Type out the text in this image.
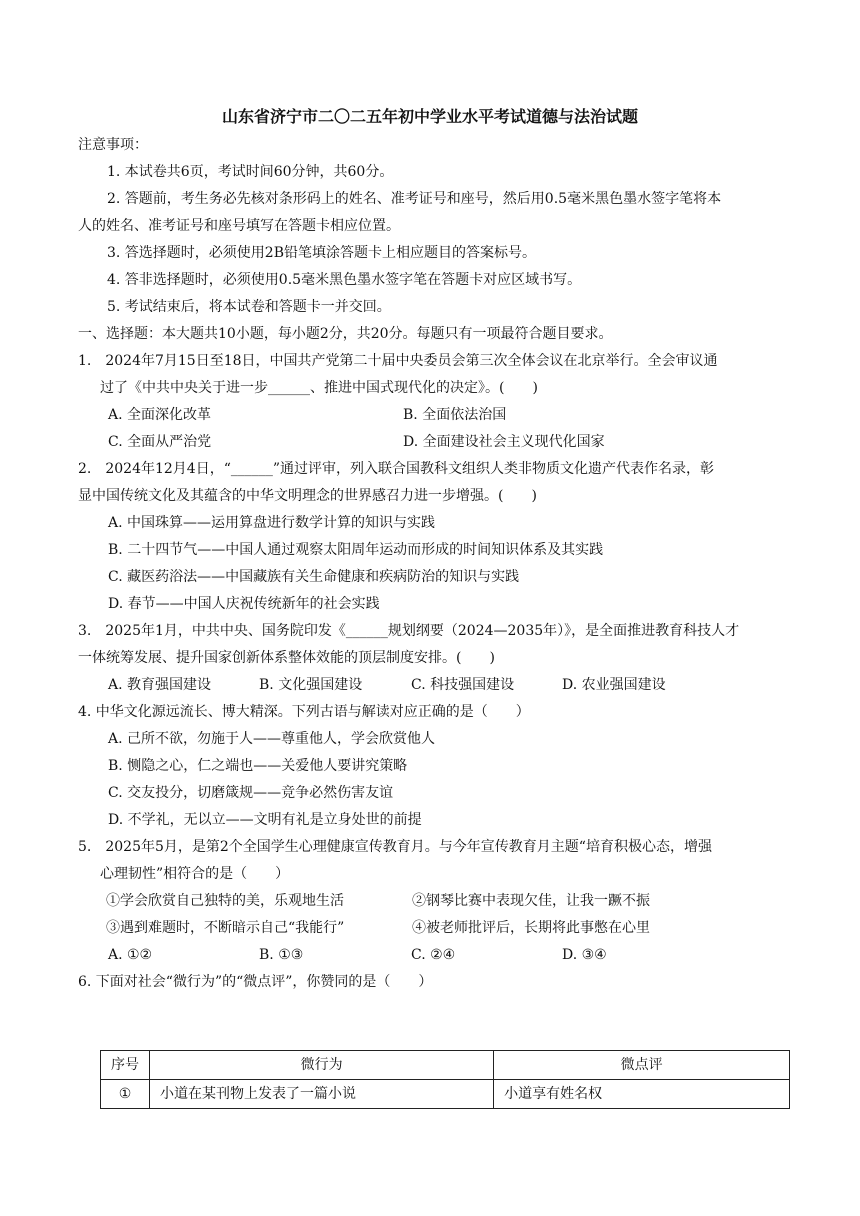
山东省济宁市二〇二五年初中学业水平考试道德与法治试题
注意事项：
1. 本试卷共6页，考试时间60分钟，共60分。
2. 答题前，考生务必先核对条形码上的姓名、准考证号和座号，然后用0.5毫米黑色墨水签字笔将本
人的姓名、准考证号和座号填写在答题卡相应位置。
3. 答选择题时，必须使用2B铅笔填涂答题卡上相应题目的答案标号。
4. 答非选择题时，必须使用0.5毫米黑色墨水签字笔在答题卡对应区域书写。
5. 考试结束后，将本试卷和答题卡一并交回。
一、选择题：本大题共10小题，每小题2分，共20分。每题只有一项最符合题目要求。
1.　2024年7月15日至18日，中国共产党第二十届中央委员会第三次全体会议在北京举行。全会审议通
过了《中共中央关于进一步______、推进中国式现代化的决定》。(　　)
A. 全面深化改革	B. 全面依法治国
C. 全面从严治党	D. 全面建设社会主义现代化国家
2.　2024年12月4日，“______”通过评审，列入联合国教科文组织人类非物质文化遗产代表作名录，彰
显中国传统文化及其蕴含的中华文明理念的世界感召力进一步增强。(　　)
A. 中国珠算——运用算盘进行数学计算的知识与实践
B. 二十四节气——中国人通过观察太阳周年运动而形成的时间知识体系及其实践
C. 藏医药浴法——中国藏族有关生命健康和疾病防治的知识与实践
D. 春节——中国人庆祝传统新年的社会实践
3.　2025年1月，中共中央、国务院印发《______规划纲要（2024—2035年）》，是全面推进教育科技人才
一体统筹发展、提升国家创新体系整体效能的顶层制度安排。(　　)
A. 教育强国建设	B. 文化强国建设	C. 科技强国建设	D. 农业强国建设
4. 中华文化源远流长、博大精深。下列古语与解读对应正确的是（　　）
A. 己所不欲，勿施于人——尊重他人，学会欣赏他人
B. 恻隐之心，仁之端也——关爱他人要讲究策略
C. 交友投分，切磨箴规——竞争必然伤害友谊
D. 不学礼，无以立——文明有礼是立身处世的前提
5.　2025年5月，是第2个全国学生心理健康宣传教育月。与今年宣传教育月主题“培育积极心态，增强
心理韧性”相符合的是（　　）
①学会欣赏自己独特的美，乐观地生活	②钢琴比赛中表现欠佳，让我一蹶不振
③遇到难题时，不断暗示自己“我能行”	④被老师批评后，长期将此事憋在心里
A. ①②	B. ①③	C. ②④	D. ③④
6. 下面对社会“微行为”的“微点评”，你赞同的是（　　）
序号	微行为	微点评
①	小道在某刊物上发表了一篇小说	小道享有姓名权
